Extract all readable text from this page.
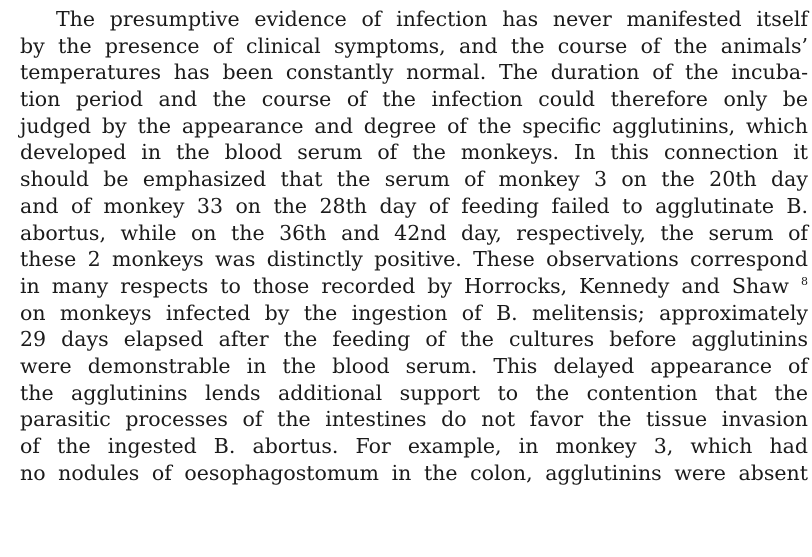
The presumptive evidence of infection has never manifested itself
by the presence of clinical symptoms, and the course of the animals’
temperatures has been constantly normal. The duration of the incuba-
tion period and the course of the infection could therefore only be
judged by the appearance and degree of the specific agglutinins, which
developed in the blood serum of the monkeys. In this connection it
should be emphasized that the serum of monkey 3 on the 20th day
and of monkey 33 on the 28th day of feeding failed to agglutinate B.
abortus, while on the 36th and 42nd day, respectively, the serum of
these 2 monkeys was distinctly positive. These observations correspond
in many respects to those recorded by Horrocks, Kennedy and Shaw $^8$
on monkeys infected by the ingestion of B. melitensis; approximately
29 days elapsed after the feeding of the cultures before agglutinins
were demonstrable in the blood serum. This delayed appearance of
the agglutinins lends additional support to the contention that the
parasitic processes of the intestines do not favor the tissue invasion
of the ingested B. abortus. For example, in monkey 3, which had
no nodules of oesophagostomum in the colon, agglutinins were absent
